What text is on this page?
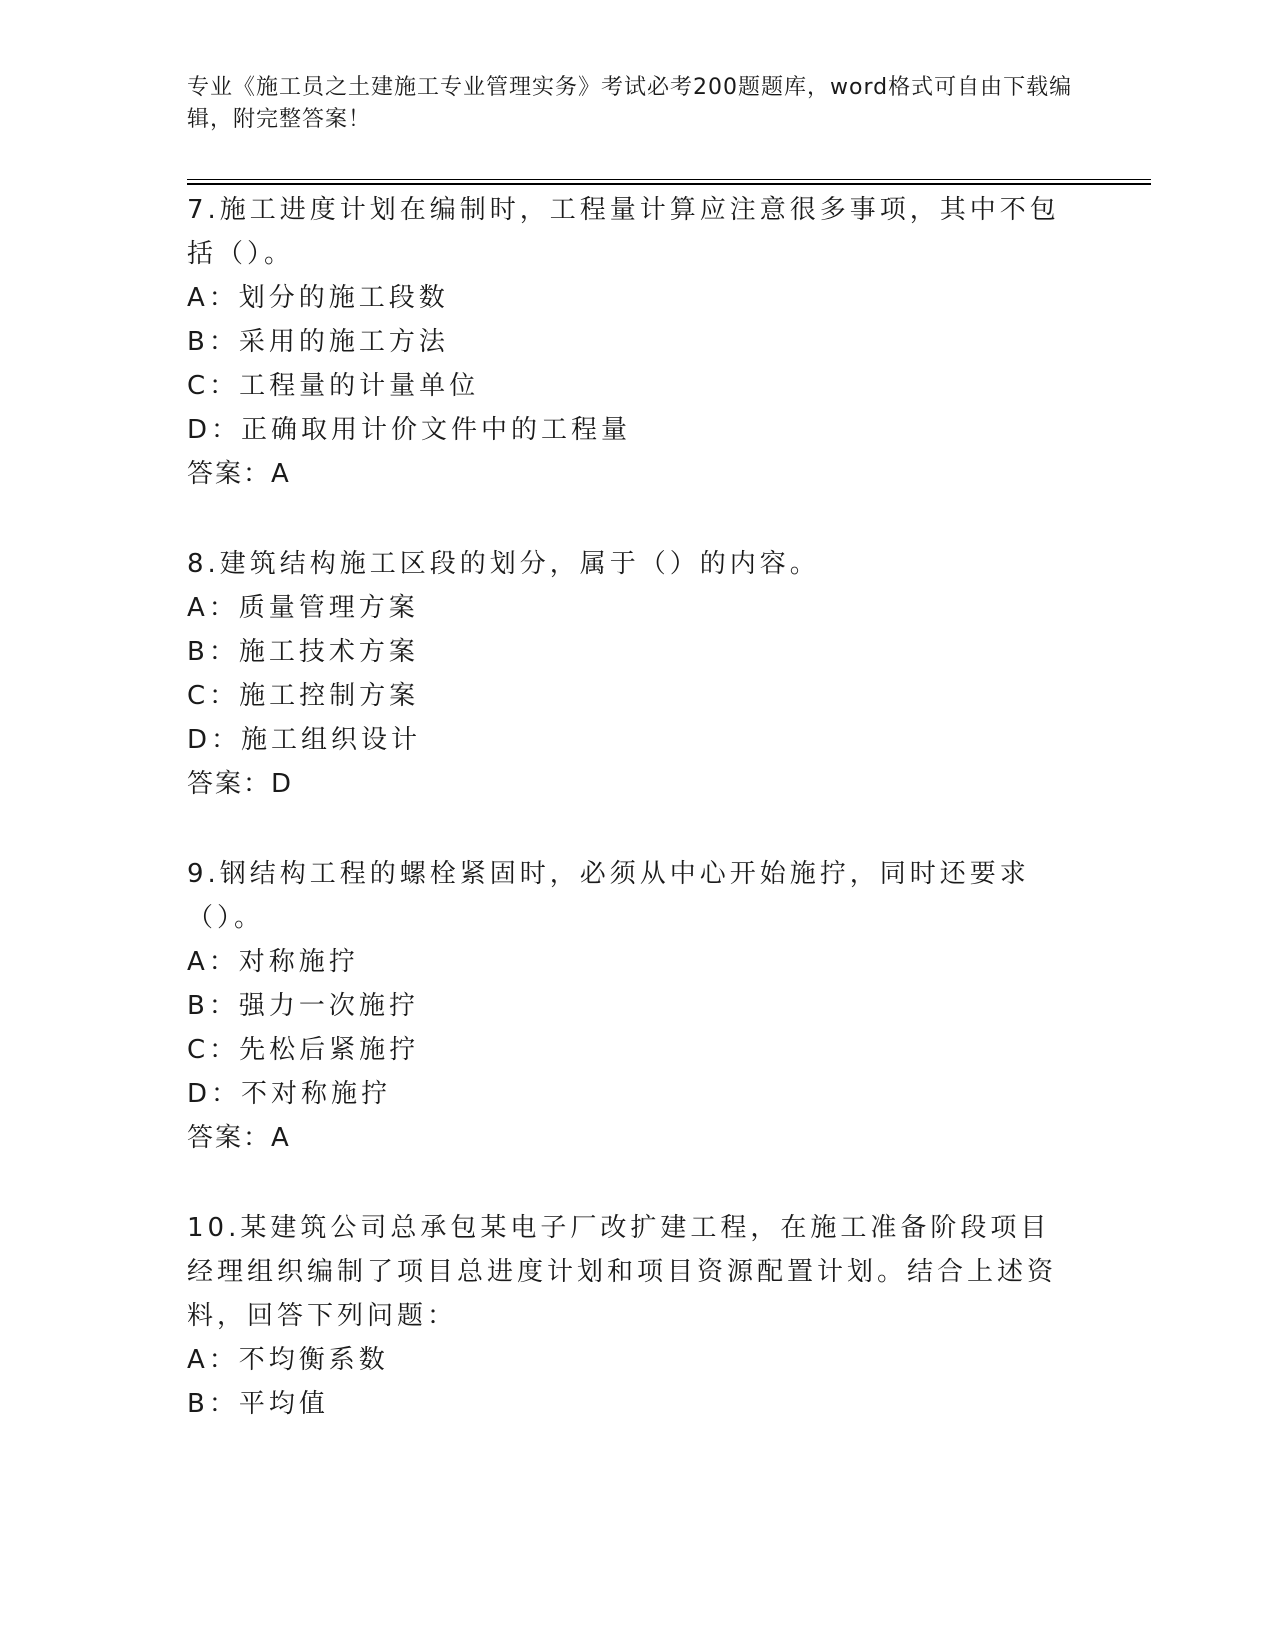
专业《施工员之土建施工专业管理实务》考试必考200题题库，word格式可自由下载编辑，附完整答案！
7.施工进度计划在编制时，工程量计算应注意很多事项，其中不包括（）。
A：划分的施工段数
B：采用的施工方法
C：工程量的计量单位
D：正确取用计价文件中的工程量
答案：A
8.建筑结构施工区段的划分，属于（）的内容。
A：质量管理方案
B：施工技术方案
C：施工控制方案
D：施工组织设计
答案：D
9.钢结构工程的螺栓紧固时，必须从中心开始施拧，同时还要求（）。
A：对称施拧
B：强力一次施拧
C：先松后紧施拧
D：不对称施拧
答案：A
10.某建筑公司总承包某电子厂改扩建工程，在施工准备阶段项目经理组织编制了项目总进度计划和项目资源配置计划。结合上述资料，回答下列问题：
A：不均衡系数
B：平均值
